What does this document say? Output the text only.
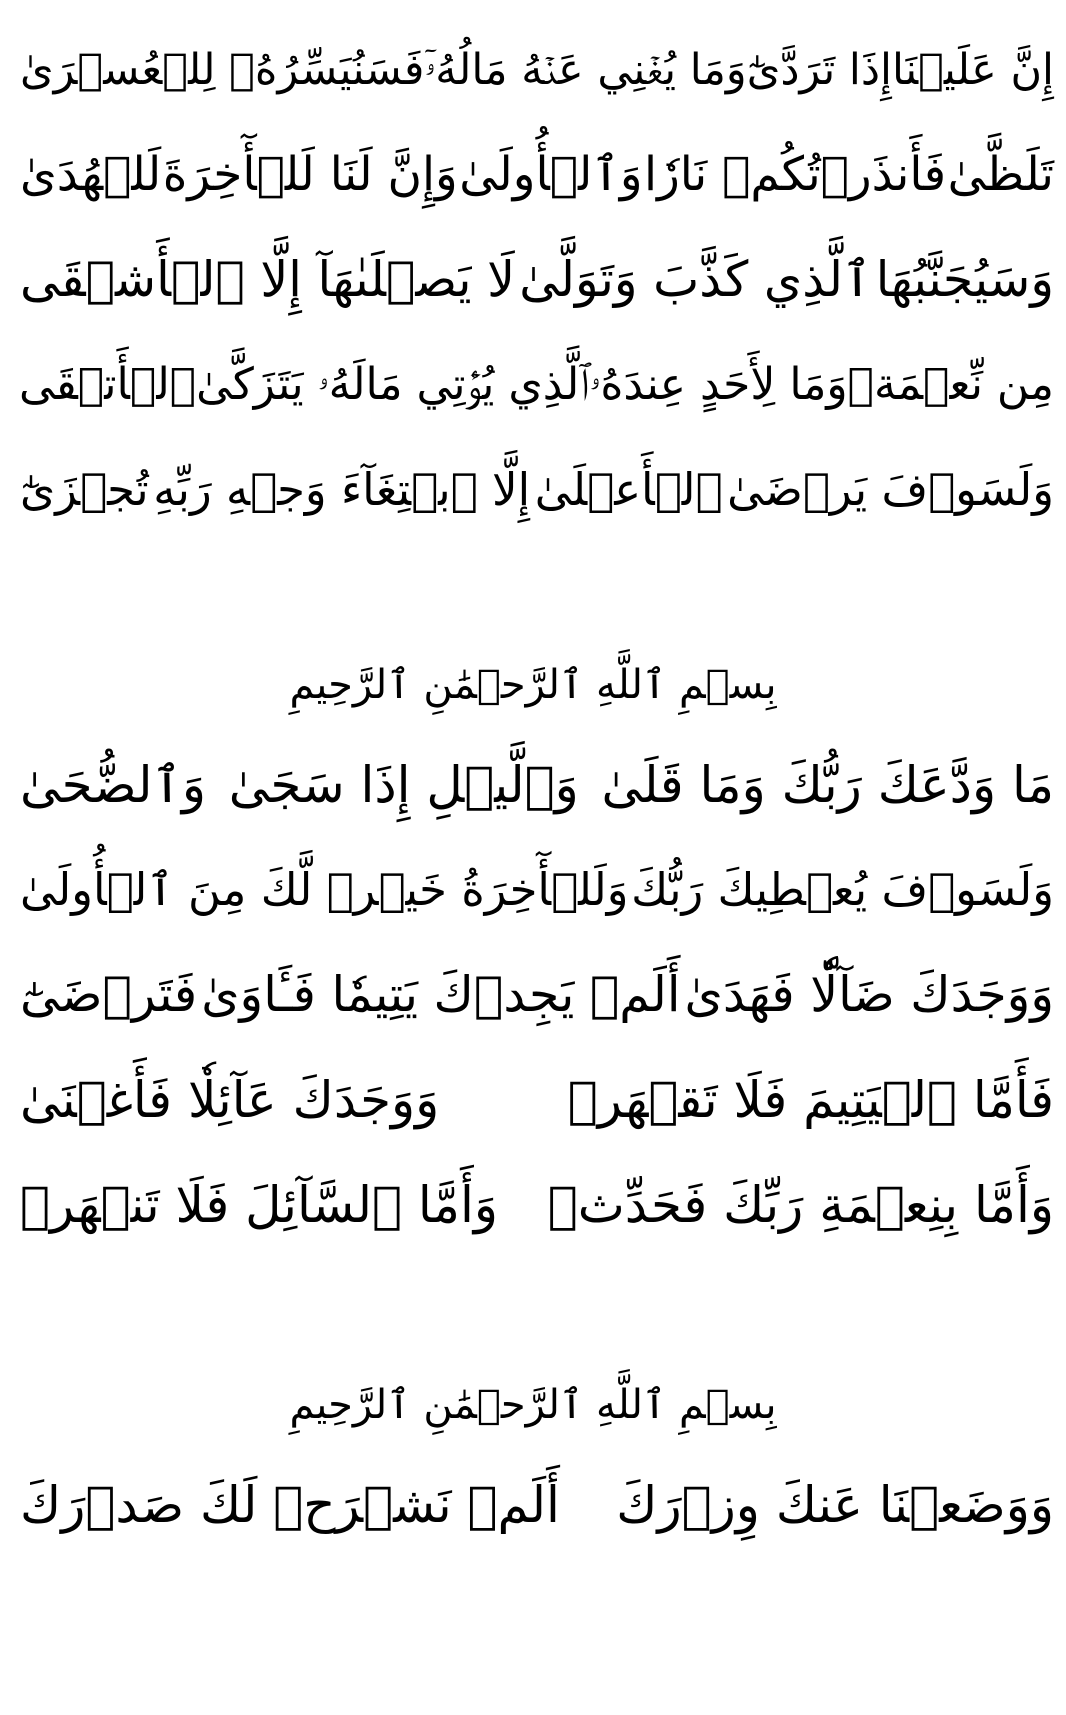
إِنَّ عَلَيۡنَا
إِذَا تَرَدَّىٰٓ
وَمَا يُغۡنِي عَنۡهُ مَالُهُۥٓ
فَسَنُيَسِّرُهُۥ لِلۡعُسۡرَىٰ
تَلَظَّىٰ
فَأَنذَرۡتُكُمۡ نَارٗا
وَٱلۡأُولَىٰ
وَإِنَّ لَنَا لَلۡأٓخِرَةَ
لَلۡهُدَىٰ
وَسَيُجَنَّبُهَا
ٱلَّذِي كَذَّبَ وَتَوَلَّىٰ
لَا يَصۡلَىٰهَآ إِلَّا ٱلۡأَشۡقَى
مِن نِّعۡمَةٖ
وَمَا لِأَحَدٍ عِندَهُۥ
ٱلَّذِي يُؤۡتِي مَالَهُۥ يَتَزَكَّىٰ
ٱلۡأَتۡقَى
وَلَسَوۡفَ يَرۡضَىٰ
ٱلۡأَعۡلَىٰ
إِلَّا ٱبۡتِغَآءَ وَجۡهِ رَبِّهِ
تُجۡزَىٰٓ
بِسۡمِ ٱللَّهِ ٱلرَّحۡمَٰنِ ٱلرَّحِيمِ
مَا وَدَّعَكَ رَبُّكَ وَمَا قَلَىٰ
وَٱلَّيۡلِ إِذَا سَجَىٰ
وَٱلضُّحَىٰ
وَلَسَوۡفَ يُعۡطِيكَ رَبُّكَ
وَلَلۡأٓخِرَةُ خَيۡرٞ لَّكَ مِنَ ٱلۡأُولَىٰ
وَوَجَدَكَ ضَآلّٗا فَهَدَىٰ
أَلَمۡ يَجِدۡكَ يَتِيمٗا فَـَٔاوَىٰ
فَتَرۡضَىٰٓ
فَأَمَّا ٱلۡيَتِيمَ فَلَا تَقۡهَرۡ
وَوَجَدَكَ عَآئِلٗا فَأَغۡنَىٰ
وَأَمَّا بِنِعۡمَةِ رَبِّكَ فَحَدِّثۡ
وَأَمَّا ٱلسَّآئِلَ فَلَا تَنۡهَرۡ
بِسۡمِ ٱللَّهِ ٱلرَّحۡمَٰنِ ٱلرَّحِيمِ
وَوَضَعۡنَا عَنكَ وِزۡرَكَ
أَلَمۡ نَشۡرَحۡ لَكَ صَدۡرَكَ
